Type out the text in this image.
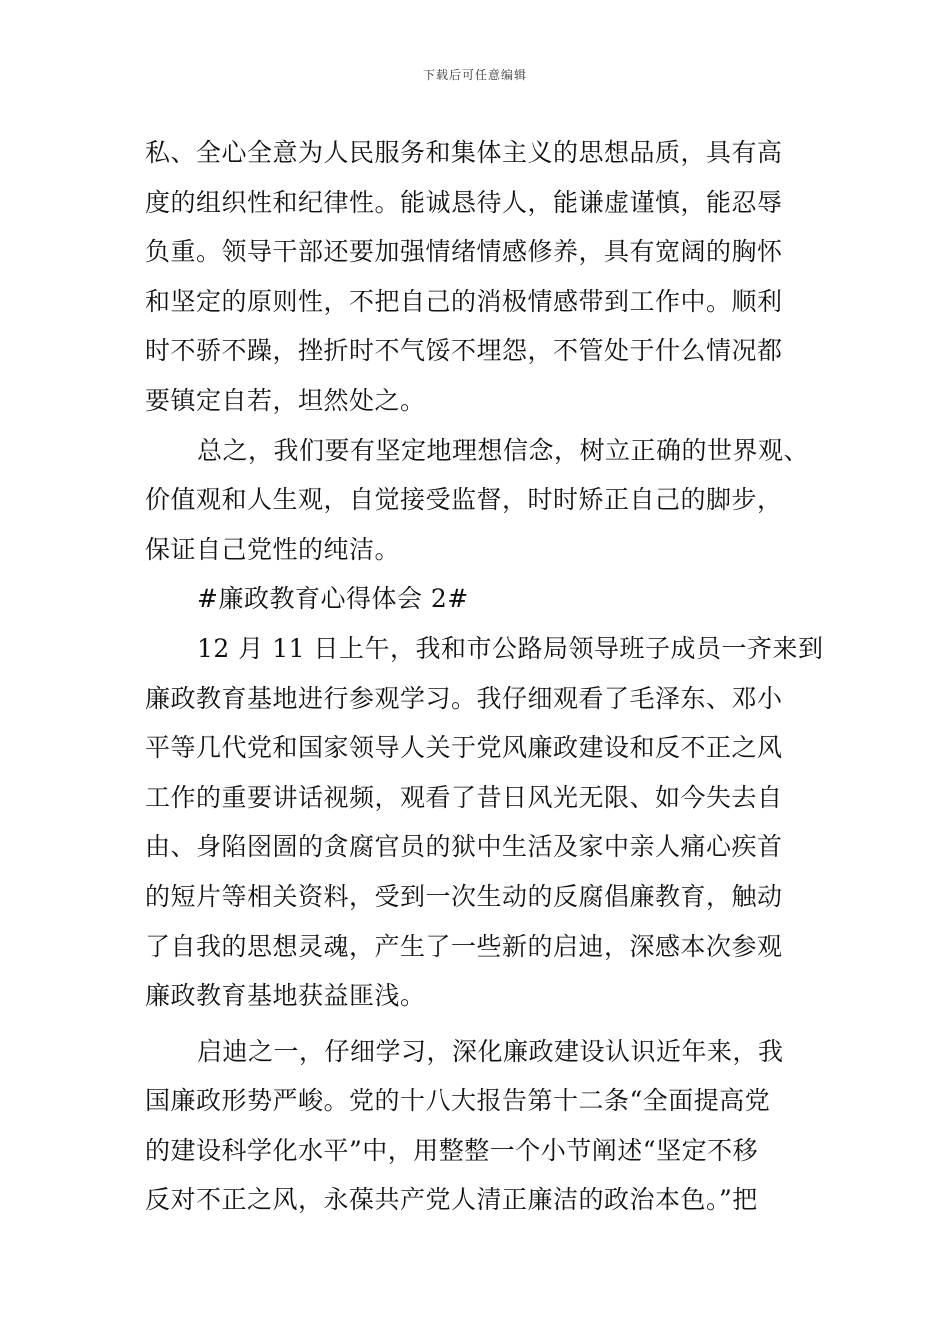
下载后可任意编辑
私、全心全意为人民服务和集体主义的思想品质，具有高
度的组织性和纪律性。能诚恳待人，能谦虚谨慎，能忍辱
负重。领导干部还要加强情绪情感修养，具有宽阔的胸怀
和坚定的原则性，不把自己的消极情感带到工作中。顺利
时不骄不躁，挫折时不气馁不埋怨，不管处于什么情况都
要镇定自若，坦然处之。
总之，我们要有坚定地理想信念，树立正确的世界观、
价值观和人生观，自觉接受监督，时时矫正自己的脚步，
保证自己党性的纯洁。
#廉政教育心得体会 2#
12 月 11 日上午，我和市公路局领导班子成员一齐来到
廉政教育基地进行参观学习。我仔细观看了毛泽东、邓小
平等几代党和国家领导人关于党风廉政建设和反不正之风
工作的重要讲话视频，观看了昔日风光无限、如今失去自
由、身陷囹圄的贪腐官员的狱中生活及家中亲人痛心疾首
的短片等相关资料，受到一次生动的反腐倡廉教育，触动
了自我的思想灵魂，产生了一些新的启迪，深感本次参观
廉政教育基地获益匪浅。
启迪之一，仔细学习，深化廉政建设认识近年来，我
国廉政形势严峻。党的十八大报告第十二条“全面提高党
的建设科学化水平”中，用整整一个小节阐述“坚定不移
反对不正之风，永葆共产党人清正廉洁的政治本色。”把
